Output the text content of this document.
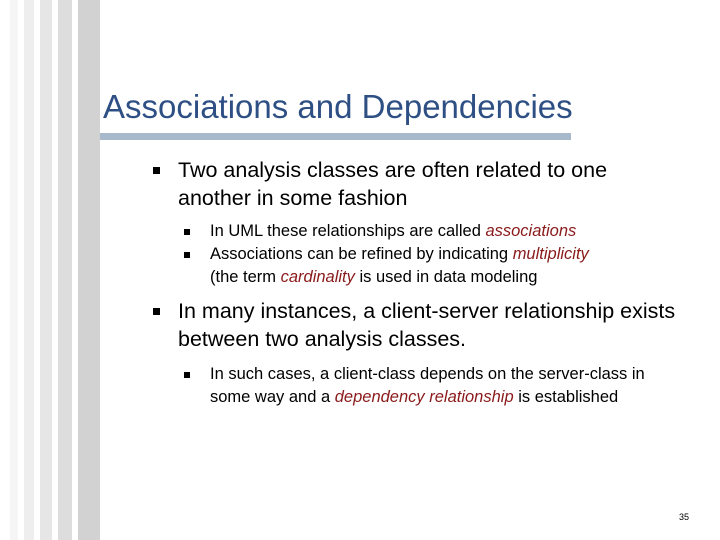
Associations and Dependencies
Two analysis classes are often related to one another in some fashion
In UML these relationships are called associations
Associations can be refined by indicating multiplicity
(the term cardinality is used in data modeling
In many instances, a client-server relationship exists between two analysis classes.
In such cases, a client-class depends on the server-class in some way and a dependency relationship is established
35
